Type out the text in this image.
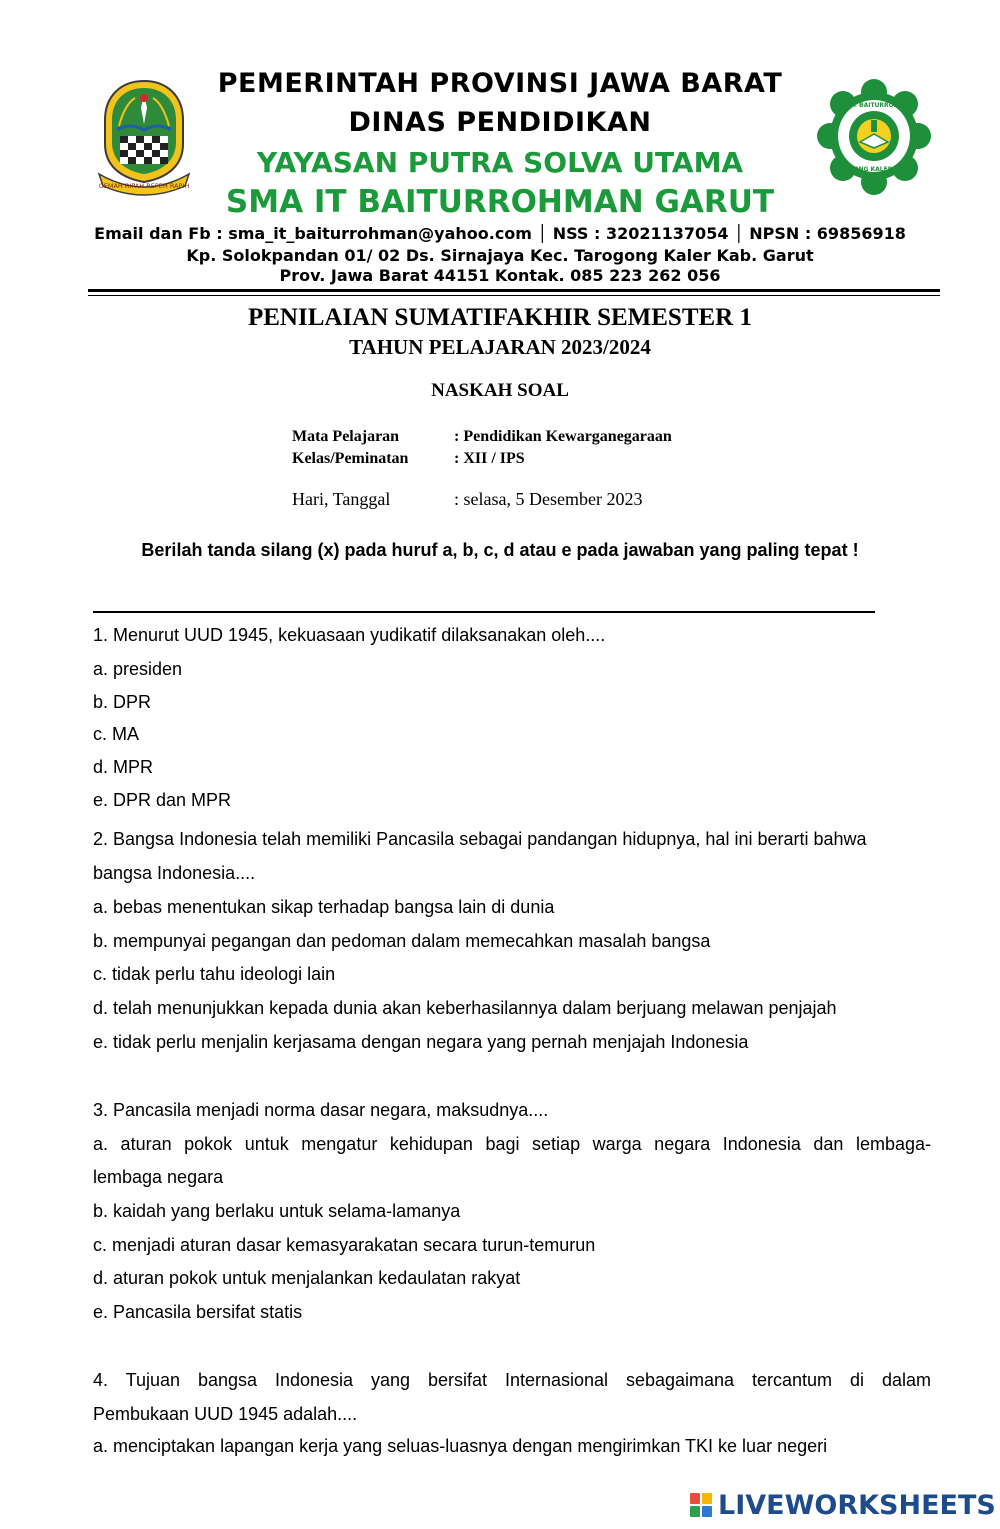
GEMAH RIPAH REPEH RAPIH
SMA IT BAITURROHMAN
TAROGONG KALER GARUT
PEMERINTAH PROVINSI JAWA BARAT
DINAS PENDIDIKAN
YAYASAN PUTRA SOLVA UTAMA
SMA IT BAITURROHMAN GARUT
Email dan Fb : sma_it_baiturrohman@yahoo.com │ NSS : 32021137054 │ NPSN : 69856918
Kp. Solokpandan 01/ 02 Ds. Sirnajaya Kec. Tarogong Kaler Kab. Garut
Prov. Jawa Barat 44151 Kontak. 085 223 262 056
PENILAIAN SUMATIFAKHIR SEMESTER 1
TAHUN PELAJARAN 2023/2024
NASKAH SOAL
Mata Pelajaran	: Pendidikan Kewarganegaraan
Kelas/Peminatan	: XII / IPS
Hari, Tanggal	: selasa, 5 Desember 2023
Berilah tanda silang (x) pada huruf a, b, c, d atau e pada jawaban yang paling tepat !
1. Menurut UUD 1945, kekuasaan yudikatif dilaksanakan oleh....
a. presiden
b. DPR
c. MA
d. MPR
e. DPR dan MPR
2. Bangsa Indonesia telah memiliki Pancasila sebagai pandangan hidupnya, hal ini berarti bahwa
bangsa Indonesia....
a. bebas menentukan sikap terhadap bangsa lain di dunia
b. mempunyai pegangan dan pedoman dalam memecahkan masalah bangsa
c. tidak perlu tahu ideologi lain
d. telah menunjukkan kepada dunia akan keberhasilannya dalam berjuang melawan penjajah
e. tidak perlu menjalin kerjasama dengan negara yang pernah menjajah Indonesia
3. Pancasila menjadi norma dasar negara, maksudnya....
a. aturan pokok untuk mengatur kehidupan bagi setiap warga negara Indonesia dan lembaga-
lembaga negara
b. kaidah yang berlaku untuk selama-lamanya
c. menjadi aturan dasar kemasyarakatan secara turun-temurun
d. aturan pokok untuk menjalankan kedaulatan rakyat
e. Pancasila bersifat statis
4. Tujuan bangsa Indonesia yang bersifat Internasional sebagaimana tercantum di dalam
Pembukaan UUD 1945 adalah....
a. menciptakan lapangan kerja yang seluas-luasnya dengan mengirimkan TKI ke luar negeri
LIVEWORKSHEETS
